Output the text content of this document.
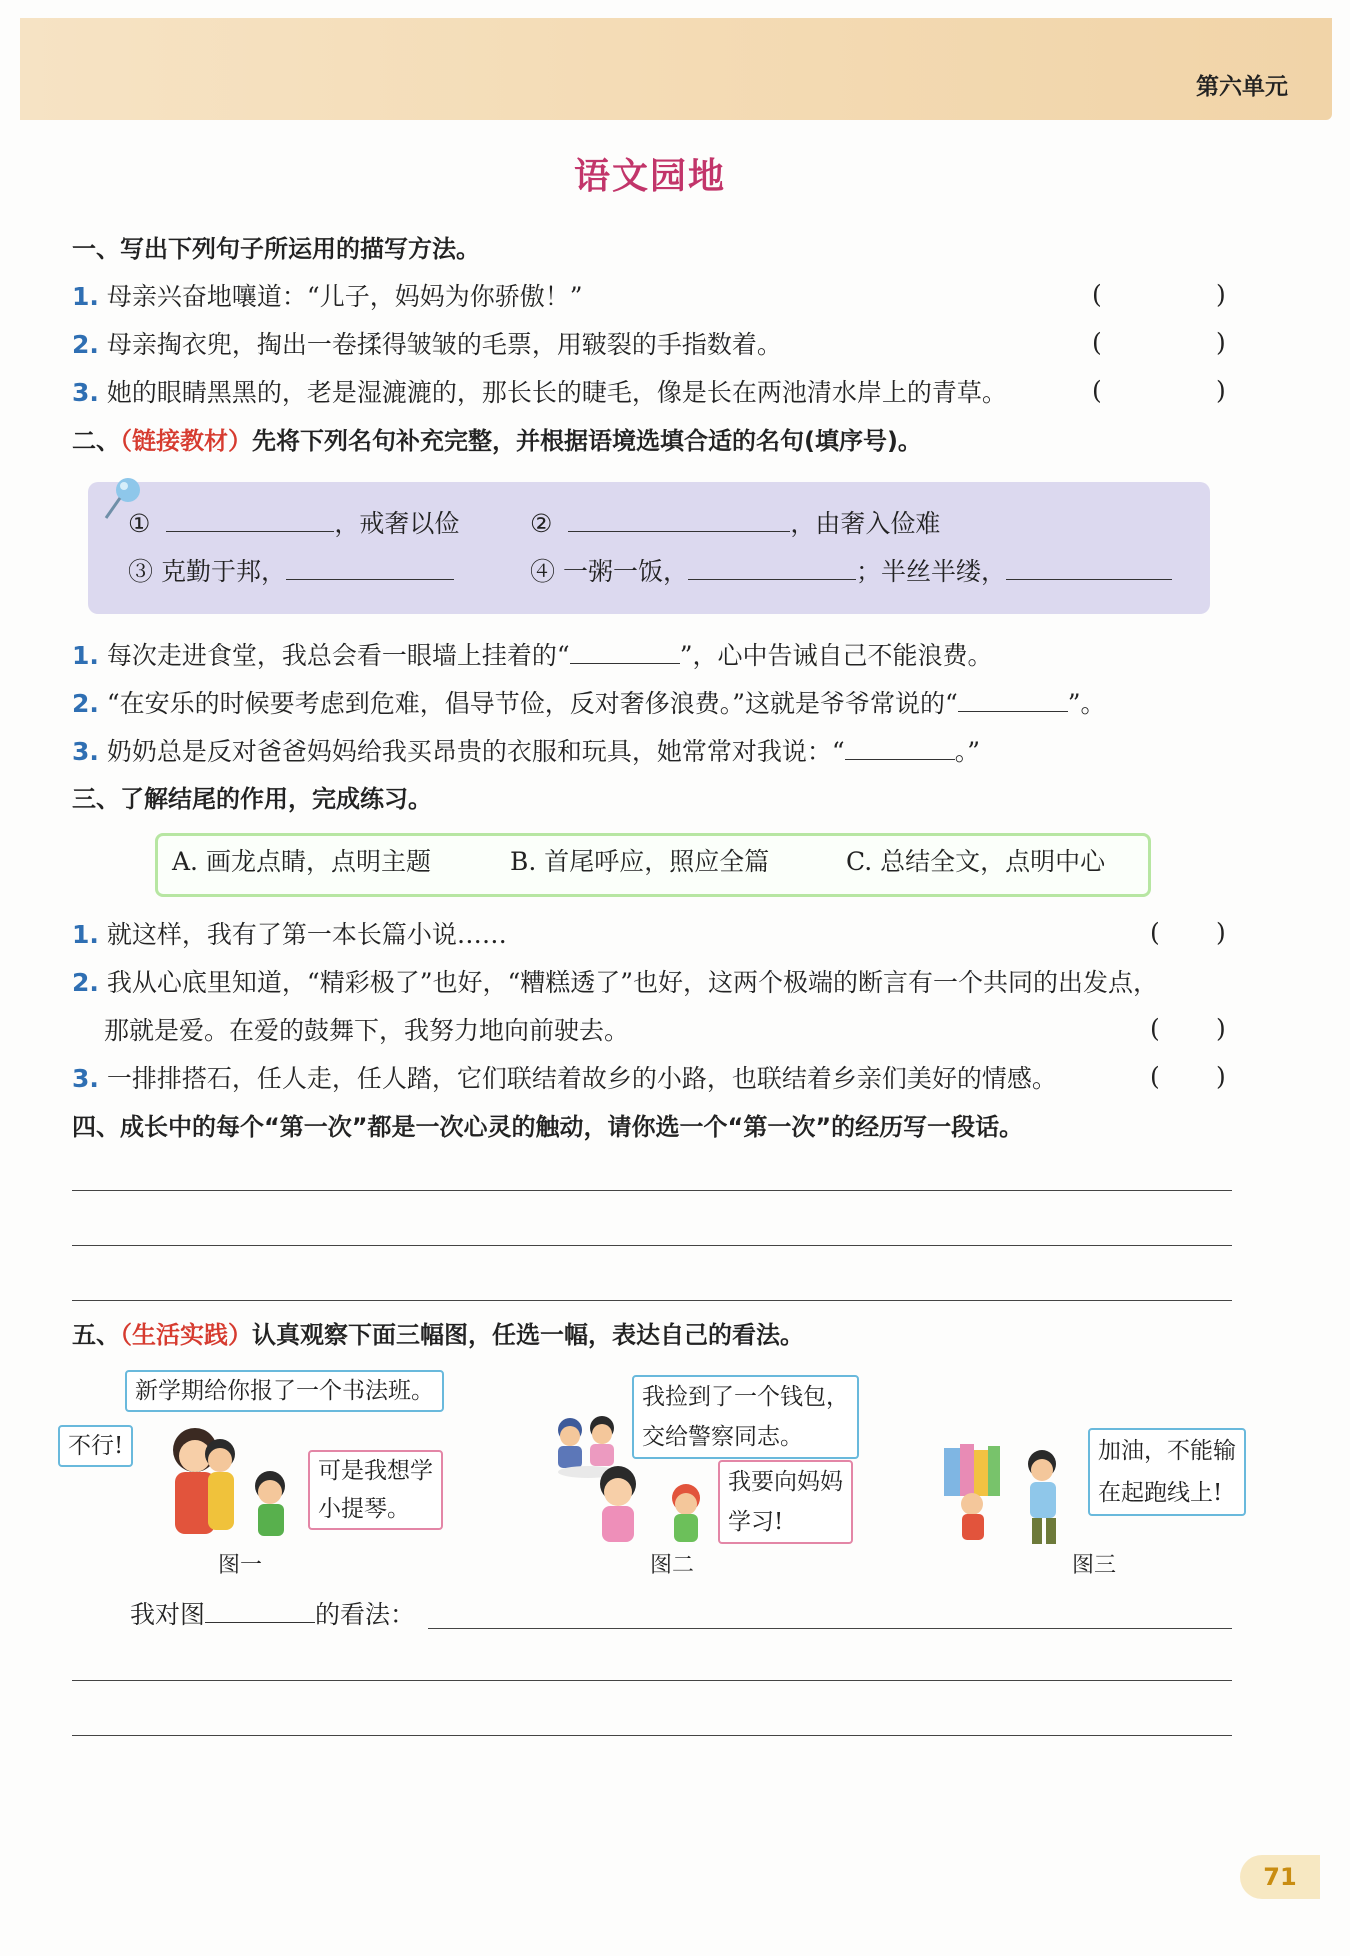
第六单元
语文园地
一、写出下列句子所运用的描写方法。
1. 母亲兴奋地嚷道：“儿子，妈妈为你骄傲！”	(	)
2. 母亲掏衣兜，掏出一卷揉得皱皱的毛票，用皲裂的手指数着。	(	)
3. 她的眼睛黑黑的，老是湿漉漉的，那长长的睫毛，像是长在两池清水岸上的青草。	(	)
二、（链接教材）先将下列名句补充完整，并根据语境选填合适的名句(填序号)。
①	，戒奢以俭	②	，由奢入俭难
③ 克勤于邦，	④ 一粥一饭，	；半丝半缕，
1. 每次走进食堂，我总会看一眼墙上挂着的“	”，心中告诫自己不能浪费。
2. “在安乐的时候要考虑到危难，倡导节俭，反对奢侈浪费。”这就是爷爷常说的“	”。
3. 奶奶总是反对爸爸妈妈给我买昂贵的衣服和玩具，她常常对我说：“	。”
三、了解结尾的作用，完成练习。
A. 画龙点睛，点明主题	B. 首尾呼应，照应全篇	C. 总结全文，点明中心
1. 就这样，我有了第一本长篇小说……	( )
2. 我从心底里知道，“精彩极了”也好，“糟糕透了”也好，这两个极端的断言有一个共同的出发点，
那就是爱。在爱的鼓舞下，我努力地向前驶去。	( )
3. 一排排搭石，任人走，任人踏，它们联结着故乡的小路，也联结着乡亲们美好的情感。	( )
四、成长中的每个“第一次”都是一次心灵的触动，请你选一个“第一次”的经历写一段话。
五、（生活实践）认真观察下面三幅图，任选一幅，表达自己的看法。
新学期给你报了一个书法班。
不行!
可是我想学
小提琴。
图一
我捡到了一个钱包，
交给警察同志。
我要向妈妈
学习!
图二
加油，不能输
在起跑线上!
图三
我对图	的看法：
71
